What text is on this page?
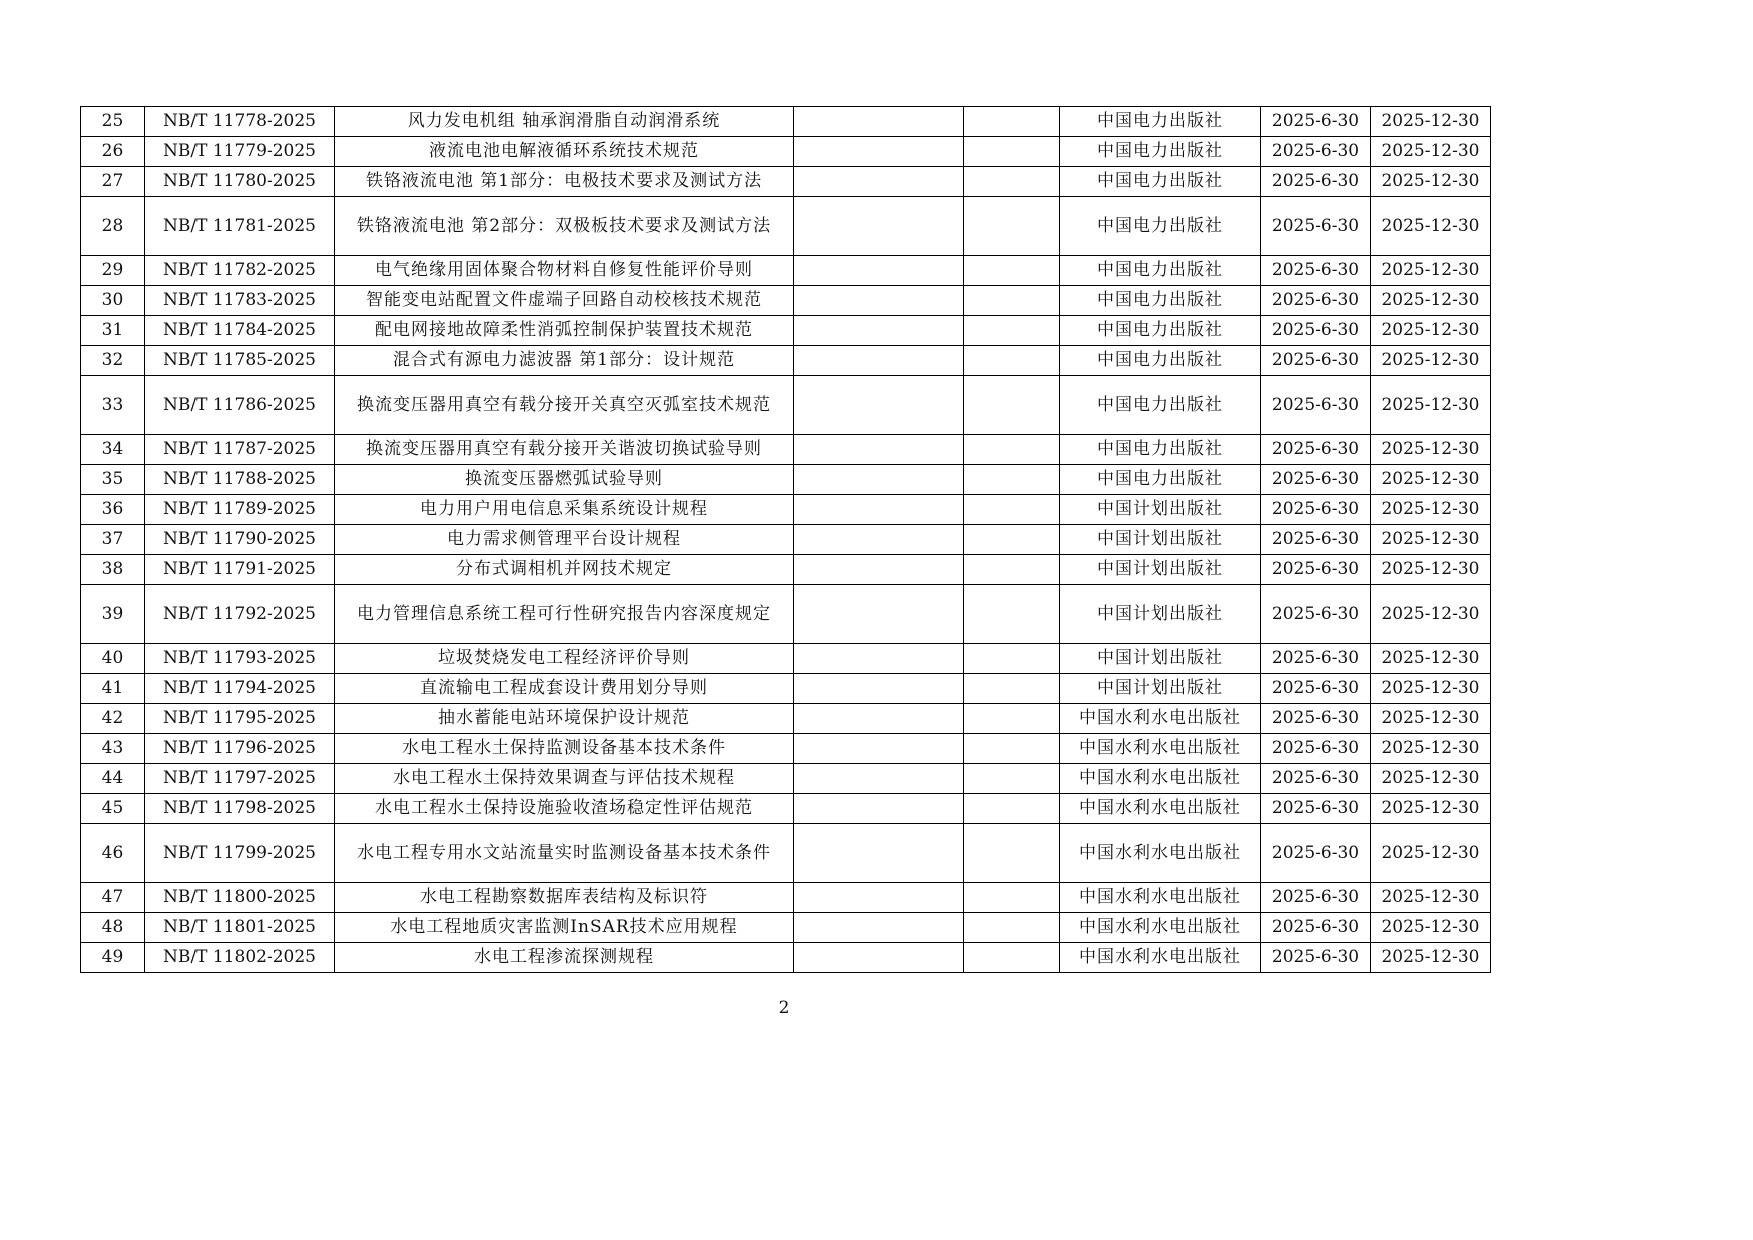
25	NB/T 11778-2025	风力发电机组 轴承润滑脂自动润滑系统			中国电力出版社	2025-6-30	2025-12-30
26	NB/T 11779-2025	液流电池电解液循环系统技术规范			中国电力出版社	2025-6-30	2025-12-30
27	NB/T 11780-2025	铁铬液流电池 第1部分：电极技术要求及测试方法			中国电力出版社	2025-6-30	2025-12-30
28	NB/T 11781-2025	铁铬液流电池 第2部分：双极板技术要求及测试方法			中国电力出版社	2025-6-30	2025-12-30
29	NB/T 11782-2025	电气绝缘用固体聚合物材料自修复性能评价导则			中国电力出版社	2025-6-30	2025-12-30
30	NB/T 11783-2025	智能变电站配置文件虚端子回路自动校核技术规范			中国电力出版社	2025-6-30	2025-12-30
31	NB/T 11784-2025	配电网接地故障柔性消弧控制保护装置技术规范			中国电力出版社	2025-6-30	2025-12-30
32	NB/T 11785-2025	混合式有源电力滤波器 第1部分：设计规范			中国电力出版社	2025-6-30	2025-12-30
33	NB/T 11786-2025	换流变压器用真空有载分接开关真空灭弧室技术规范			中国电力出版社	2025-6-30	2025-12-30
34	NB/T 11787-2025	换流变压器用真空有载分接开关谐波切换试验导则			中国电力出版社	2025-6-30	2025-12-30
35	NB/T 11788-2025	换流变压器燃弧试验导则			中国电力出版社	2025-6-30	2025-12-30
36	NB/T 11789-2025	电力用户用电信息采集系统设计规程			中国计划出版社	2025-6-30	2025-12-30
37	NB/T 11790-2025	电力需求侧管理平台设计规程			中国计划出版社	2025-6-30	2025-12-30
38	NB/T 11791-2025	分布式调相机并网技术规定			中国计划出版社	2025-6-30	2025-12-30
39	NB/T 11792-2025	电力管理信息系统工程可行性研究报告内容深度规定			中国计划出版社	2025-6-30	2025-12-30
40	NB/T 11793-2025	垃圾焚烧发电工程经济评价导则			中国计划出版社	2025-6-30	2025-12-30
41	NB/T 11794-2025	直流输电工程成套设计费用划分导则			中国计划出版社	2025-6-30	2025-12-30
42	NB/T 11795-2025	抽水蓄能电站环境保护设计规范			中国水利水电出版社	2025-6-30	2025-12-30
43	NB/T 11796-2025	水电工程水土保持监测设备基本技术条件			中国水利水电出版社	2025-6-30	2025-12-30
44	NB/T 11797-2025	水电工程水土保持效果调查与评估技术规程			中国水利水电出版社	2025-6-30	2025-12-30
45	NB/T 11798-2025	水电工程水土保持设施验收渣场稳定性评估规范			中国水利水电出版社	2025-6-30	2025-12-30
46	NB/T 11799-2025	水电工程专用水文站流量实时监测设备基本技术条件			中国水利水电出版社	2025-6-30	2025-12-30
47	NB/T 11800-2025	水电工程勘察数据库表结构及标识符			中国水利水电出版社	2025-6-30	2025-12-30
48	NB/T 11801-2025	水电工程地质灾害监测InSAR技术应用规程			中国水利水电出版社	2025-6-30	2025-12-30
49	NB/T 11802-2025	水电工程渗流探测规程			中国水利水电出版社	2025-6-30	2025-12-30
2
